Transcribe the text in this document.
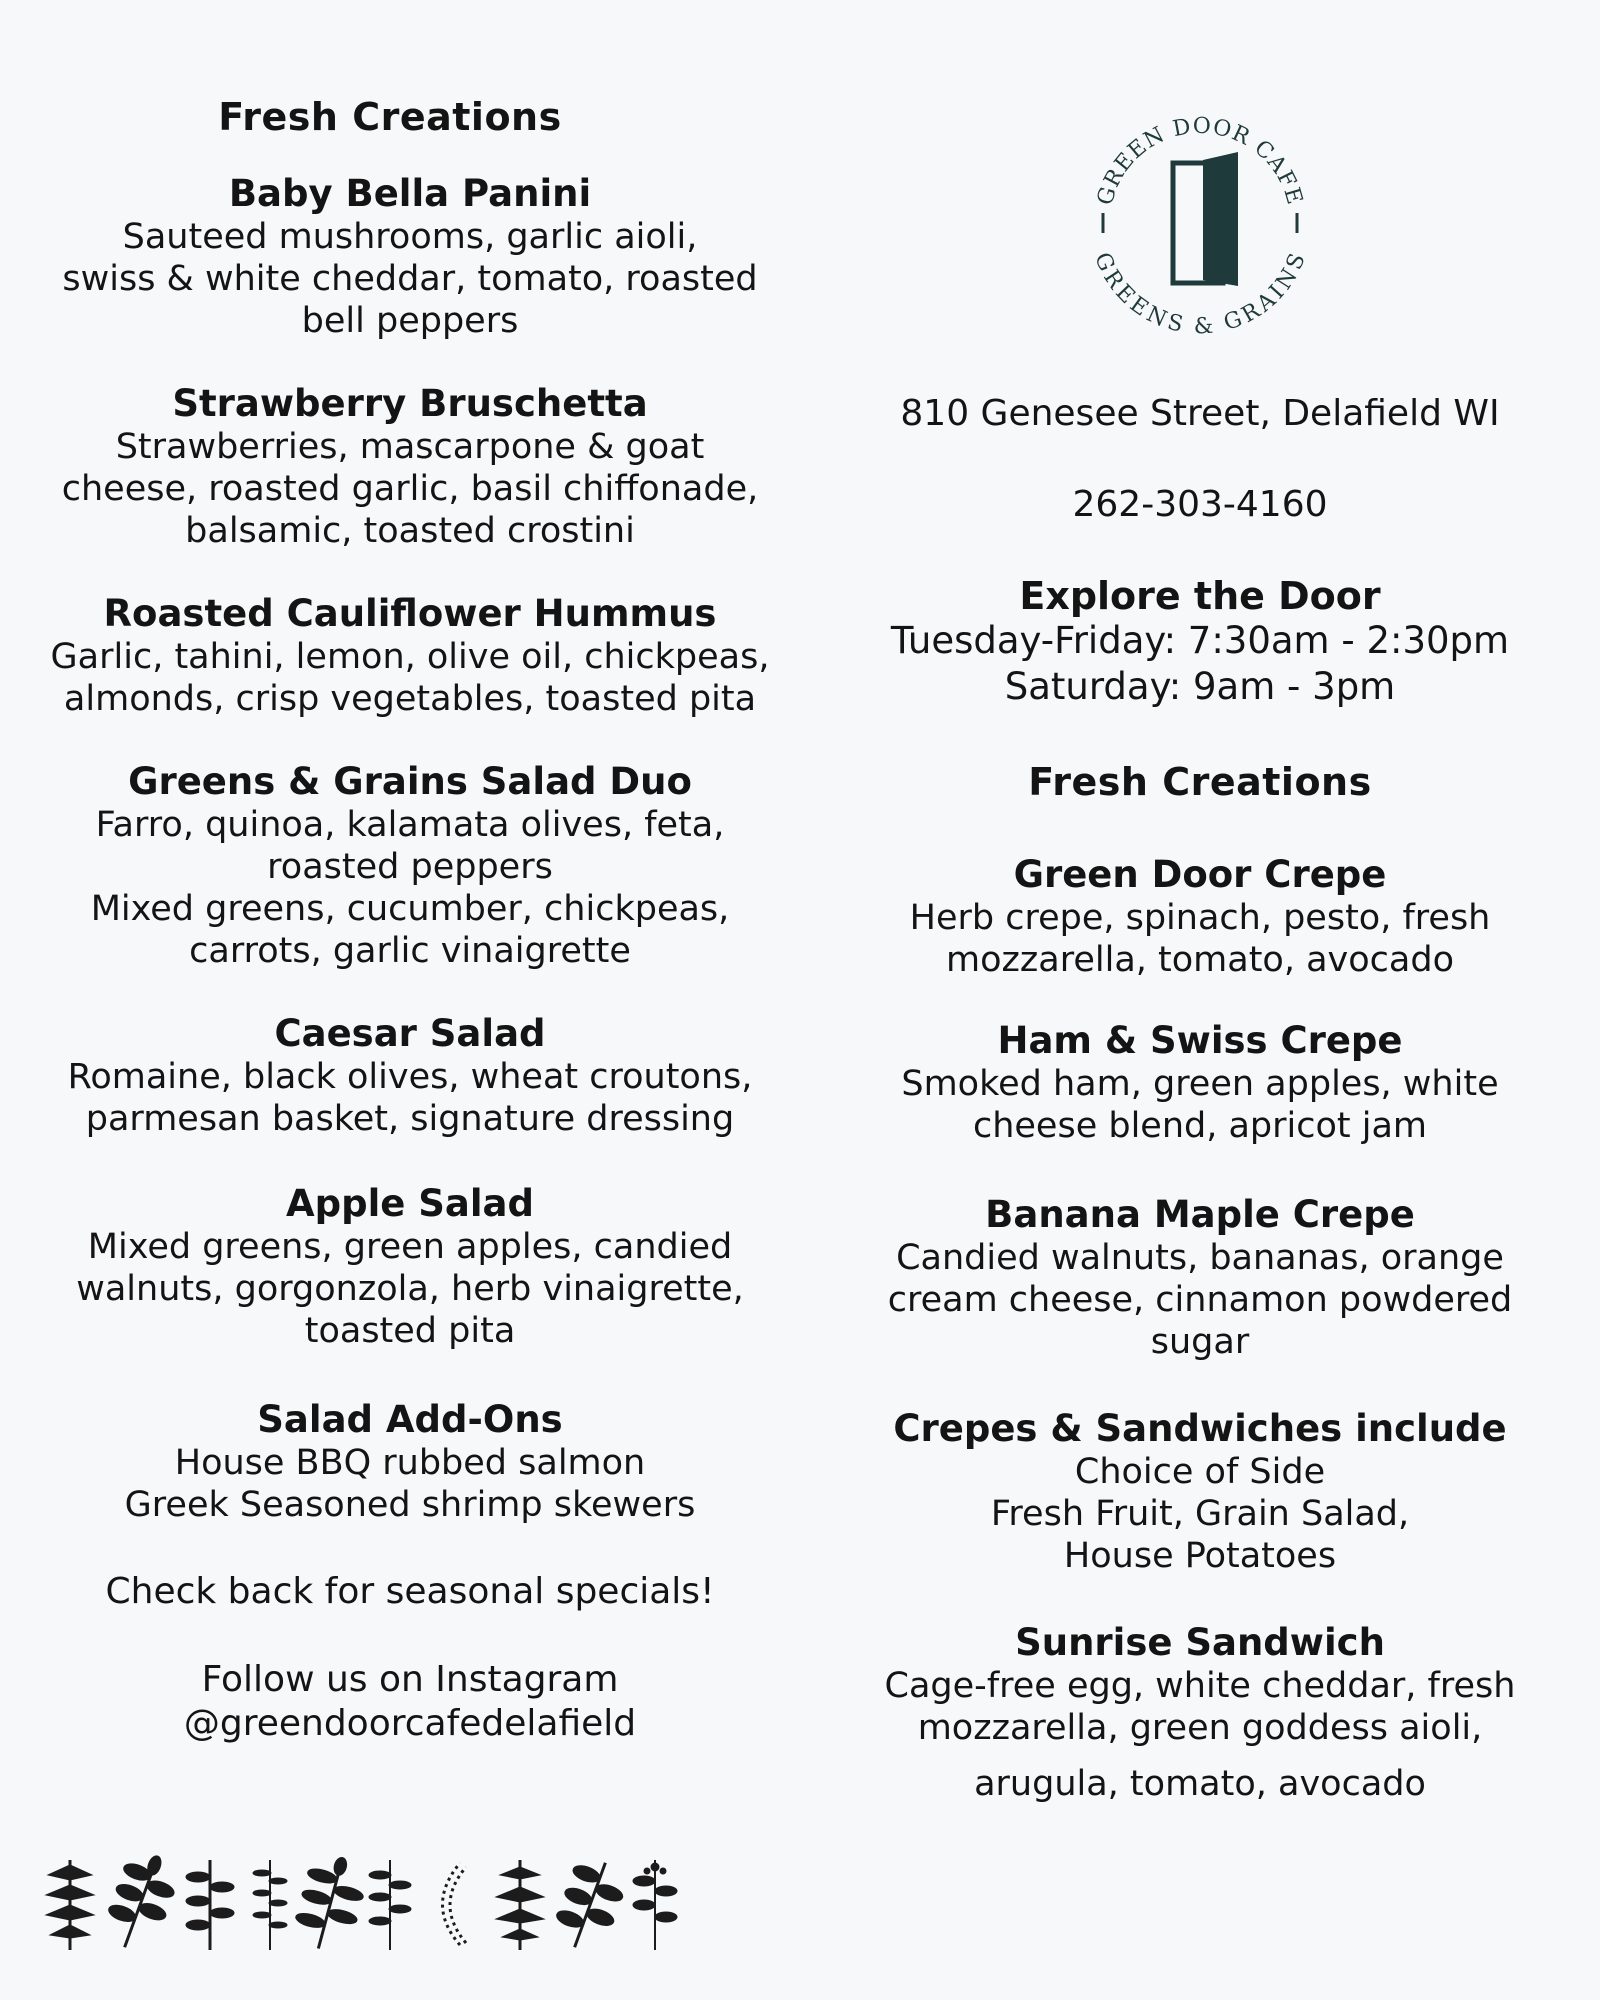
Fresh Creations

Baby Bella Panini

Sauteed mushrooms, garlic aioli,

swiss & white cheddar, tomato, roasted

bell peppers

Strawberry Bruschetta

Strawberries, mascarpone & goat

cheese, roasted garlic, basil chiffonade,

balsamic, toasted crostini

Roasted Cauliflower Hummus

Garlic, tahini, lemon, olive oil, chickpeas,

almonds, crisp vegetables, toasted pita

Greens & Grains Salad Duo

Farro, quinoa, kalamata olives, feta,

roasted peppers

Mixed greens, cucumber, chickpeas,

carrots, garlic vinaigrette

Caesar Salad

Romaine, black olives, wheat croutons,

parmesan basket, signature dressing

Apple Salad

Mixed greens, green apples, candied

walnuts, gorgonzola, herb vinaigrette,

toasted pita

Salad Add-Ons

House BBQ rubbed salmon

Greek Seasoned shrimp skewers

Check back for seasonal specials!

Follow us on Instagram

@greendoorcafedelafield

GREEN DOOR CAFE
GREENS & GRAINS

810 Genesee Street, Delafield WI

262-303-4160

Explore the Door

Tuesday-Friday: 7:30am - 2:30pm

Saturday: 9am - 3pm

Fresh Creations

Green Door Crepe

Herb crepe, spinach, pesto, fresh

mozzarella, tomato, avocado

Ham & Swiss Crepe

Smoked ham, green apples, white

cheese blend, apricot jam

Banana Maple Crepe

Candied walnuts, bananas, orange

cream cheese, cinnamon powdered

sugar

Crepes & Sandwiches include

Choice of Side

Fresh Fruit, Grain Salad,

House Potatoes

Sunrise Sandwich

Cage-free egg, white cheddar, fresh

mozzarella, green goddess aioli,

arugula, tomato, avocado
